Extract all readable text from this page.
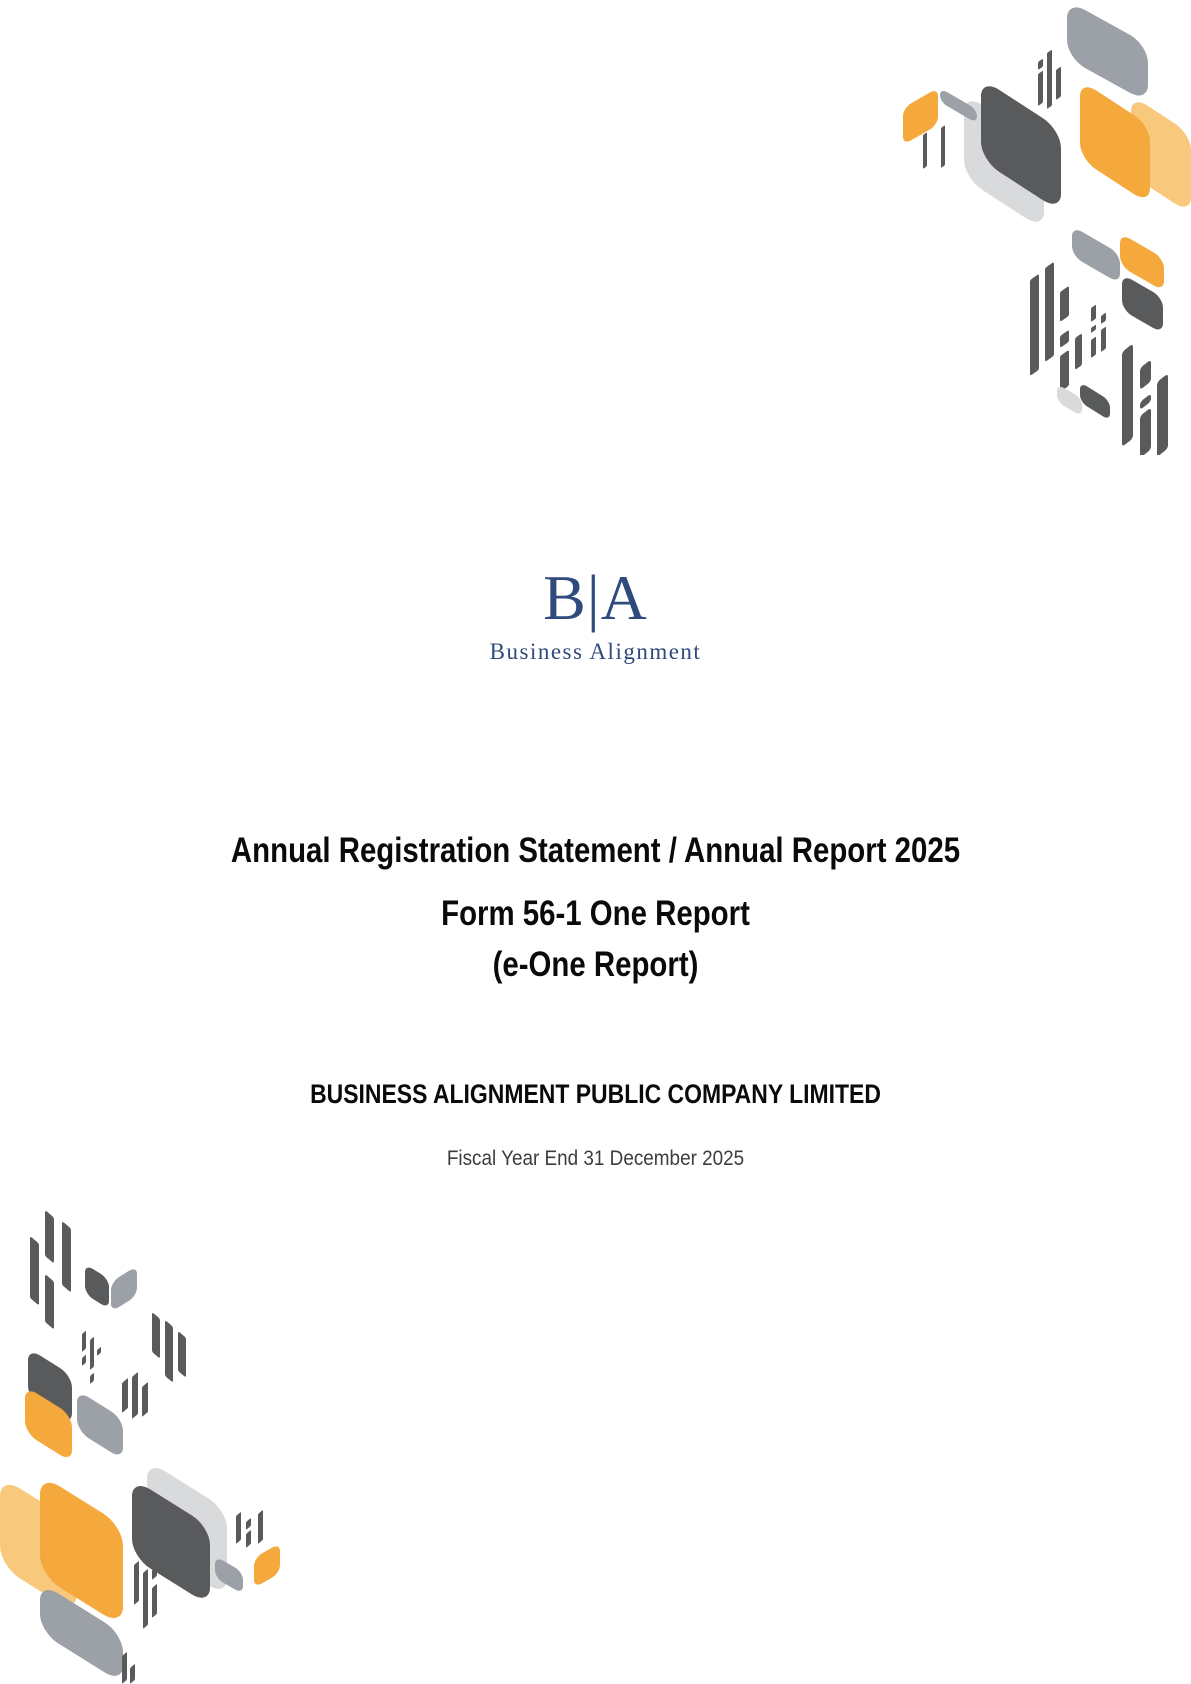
B|A
Business Alignment
Annual Registration Statement / Annual Report 2025
Form 56-1 One Report
(e-One Report)
BUSINESS ALIGNMENT PUBLIC COMPANY LIMITED
Fiscal Year End 31 December 2025
